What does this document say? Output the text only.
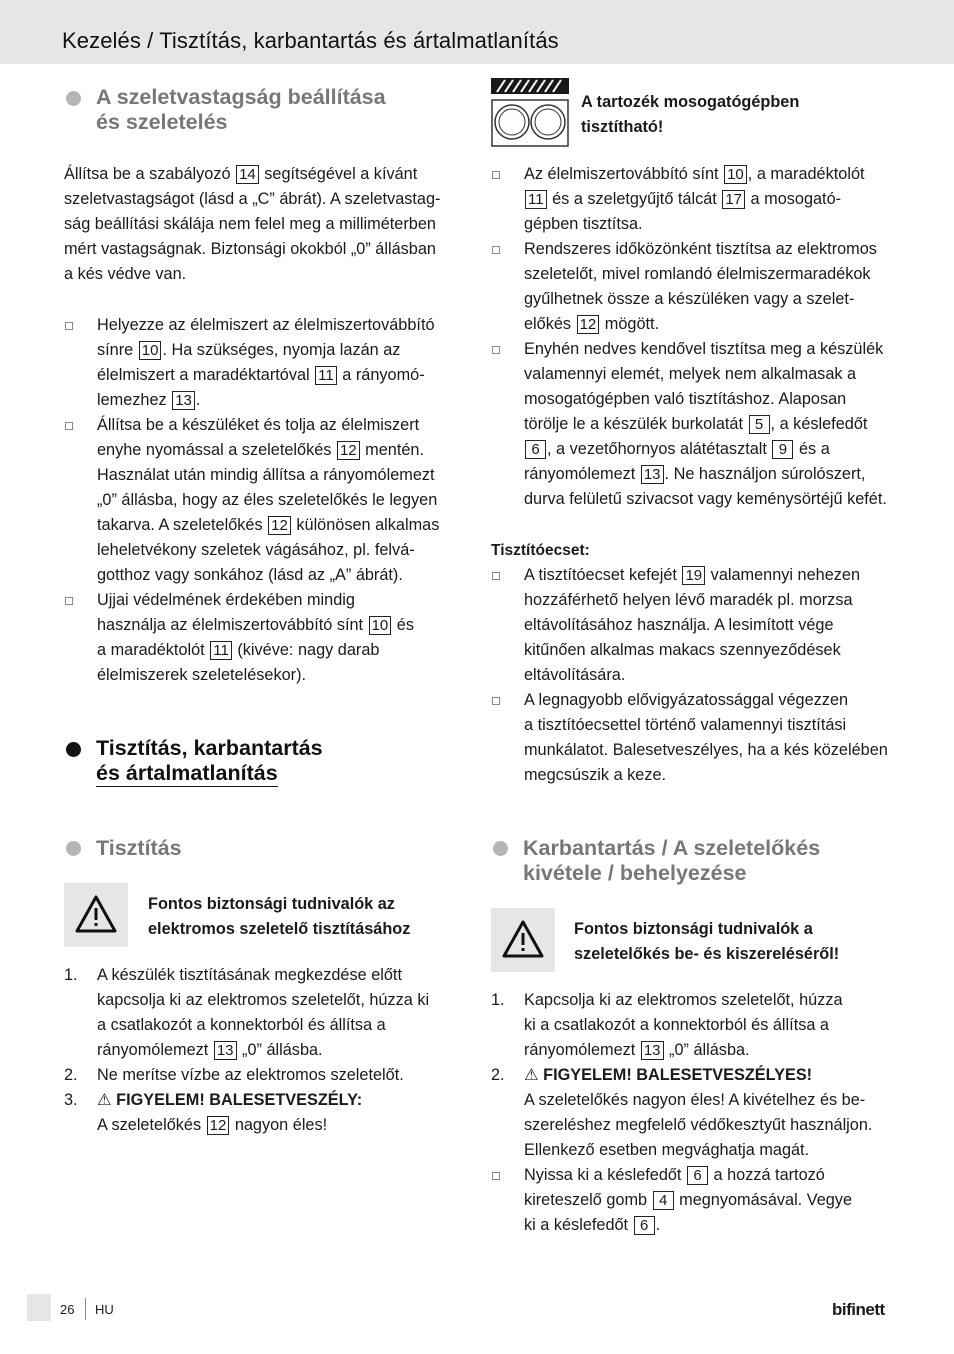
Kezelés / Tisztítás, karbantartás és ártalmatlanítás
A szeletvastagság beállítása
és szeletelés
Állítsa be a szabályozó 14 segítségével a kívánt
szeletvastagságot (lásd a „C” ábrát). A szeletvastag-
ság beállítási skálája nem felel meg a milliméterben
mért vastagságnak. Biztonsági okokból „0” állásban
a kés védve van.
Helyezze az élelmiszert az élelmiszertovábbító
sínre 10 . Ha szükséges, nyomja lazán az
élelmiszert a maradéktartóval 11 a rányomó-
lemezhez 13 .
Állítsa be a készüléket és tolja az élelmiszert
enyhe nyomással a szeletelőkés 12 mentén.
Használat után mindig állítsa a rányomólemezt
„0” állásba, hogy az éles szeletelőkés le legyen
takarva. A szeletelőkés 12 különösen alkalmas
leheletvékony szeletek vágásához, pl. felvá-
gotthoz vagy sonkához (lásd az „A” ábrát).
Ujjai védelmének érdekében mindig
használja az élelmiszertovábbító sínt 10 és
a maradéktolót 11 (kivéve: nagy darab
élelmiszerek szeletelésekor).
Tisztítás, karbantartás
és ártalmatlanítás
Tisztítás
Fontos biztonsági tudnivalók az
elektromos szeletelő tisztításához
1. A készülék tisztításának megkezdése előtt
kapcsolja ki az elektromos szeletelőt, húzza ki
a csatlakozót a konnektorból és állítsa a
rányomólemezt 13 „0” állásba.
2. Ne merítse vízbe az elektromos szeletelőt.
3. ⚠ FIGYELEM! BALESETVESZÉLY:
A szeletelőkés 12 nagyon éles!
A tartozék mosogatógépben
tisztítható!
Az élelmiszertovábbító sínt 10 , a maradéktolót
11 és a szeletgyűjtő tálcát 17 a mosogató-
gépben tisztítsa.
Rendszeres időközönként tisztítsa az elektromos
szeletelőt, mivel romlandó élelmiszermaradékok
gyűlhetnek össze a készüléken vagy a szelet-
előkés 12 mögött.
Enyhén nedves kendővel tisztítsa meg a készülék
valamennyi elemét, melyek nem alkalmasak a
mosogatógépben való tisztításhoz. Alaposan
törölje le a készülék burkolatát 5 , a késlefedőt
6 , a vezetőhornyos alátétasztalt 9 és a
rányomólemezt 13 . Ne használjon súrolószert,
durva felületű szivacsot vagy keménysörtéjű kefét.
Tisztítóecset:
A tisztítóecset kefejét 19 valamennyi nehezen
hozzáférhető helyen lévő maradék pl. morzsa
eltávolításához használja. A lesimított vége
kitűnően alkalmas makacs szennyeződések
eltávolítására.
A legnagyobb elővigyázatossággal végezzen
a tisztítóecsettel történő valamennyi tisztítási
munkálatot. Balesetveszélyes, ha a kés közelében
megcsúszik a keze.
Karbantartás / A szeletelőkés
kivétele / behelyezése
Fontos biztonsági tudnivalók a
szeletelőkés be- és kiszereléséről!
1. Kapcsolja ki az elektromos szeletelőt, húzza
ki a csatlakozót a konnektorból és állítsa a
rányomólemezt 13 „0” állásba.
2. ⚠ FIGYELEM! BALESETVESZÉLYES!
A szeletelőkés nagyon éles! A kivételhez és be-
szereléshez megfelelő védőkesztyűt használjon.
Ellenkező esetben megvághatja magát.
Nyissa ki a késlefedőt 6 a hozzá tartozó
kireteszelő gomb 4 megnyomásával. Vegye
ki a késlefedőt 6 .
26 HU	bifinett
